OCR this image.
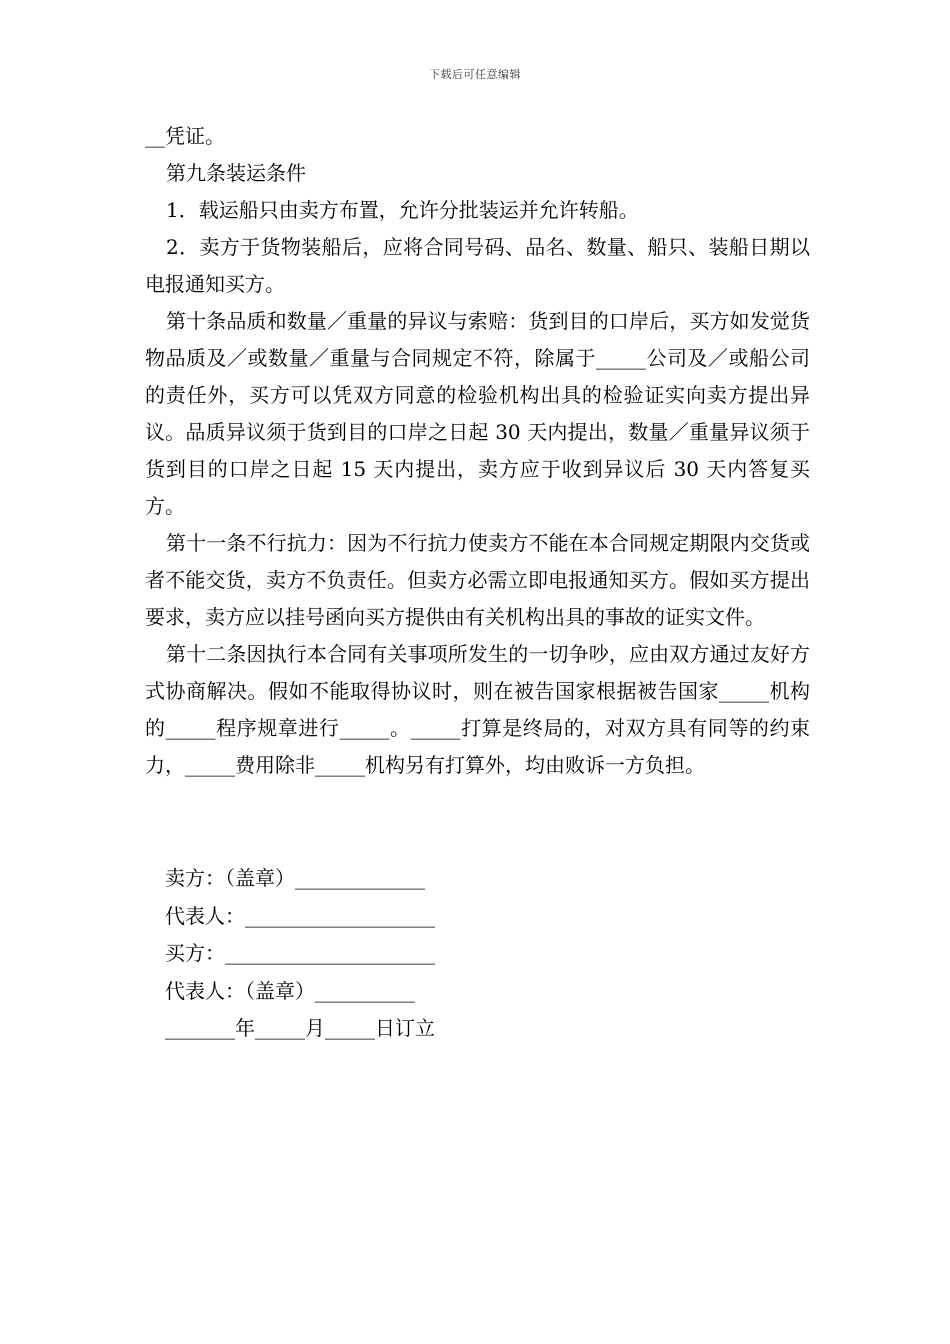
下载后可任意编辑

__凭证。

第九条装运条件

1．载运船只由卖方布置，允许分批装运并允许转船。

2．卖方于货物装船后，应将合同号码、品名、数量、船只、装船日期以电报通知买方。

第十条品质和数量／重量的异议与索赔：货到目的口岸后，买方如发觉货物品质及／或数量／重量与合同规定不符，除属于_____公司及／或船公司的责任外，买方可以凭双方同意的检验机构出具的检验证实向卖方提出异议。品质异议须于货到目的口岸之日起 30 天内提出，数量／重量异议须于货到目的口岸之日起 15 天内提出，卖方应于收到异议后 30 天内答复买方。

第十一条不行抗力：因为不行抗力使卖方不能在本合同规定期限内交货或者不能交货，卖方不负责任。但卖方必需立即电报通知买方。假如买方提出要求，卖方应以挂号函向买方提供由有关机构出具的事故的证实文件。

第十二条因执行本合同有关事项所发生的一切争吵，应由双方通过友好方式协商解决。假如不能取得协议时，则在被告国家根据被告国家_____机构的_____程序规章进行_____。_____打算是终局的，对双方具有同等的约束力，_____费用除非_____机构另有打算外，均由败诉一方负担。

卖方：（盖章）_____________

代表人：___________________

买方：_____________________

代表人：（盖章）__________

_______年_____月_____日订立
